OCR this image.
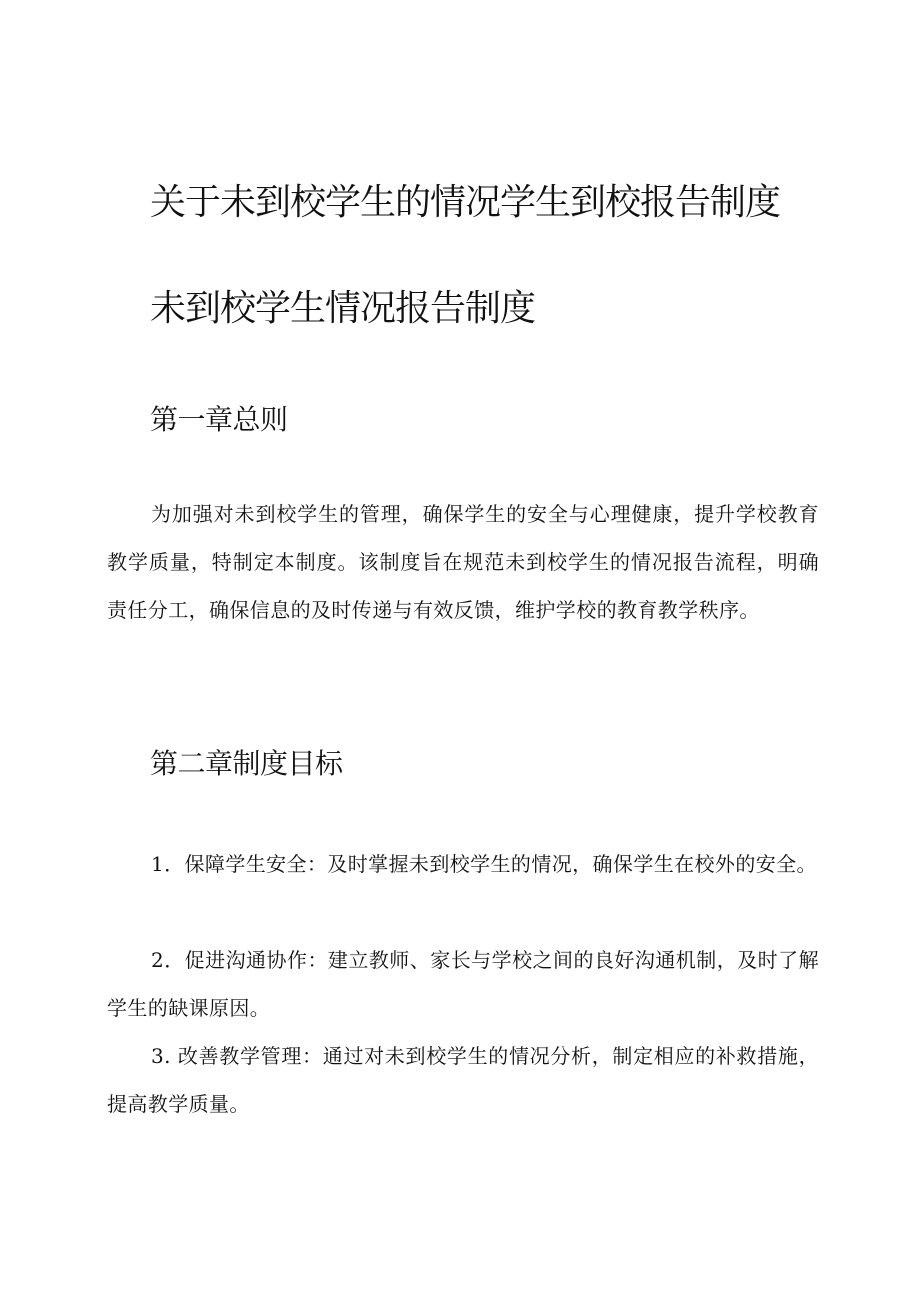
关于未到校学生的情况学生到校报告制度
未到校学生情况报告制度
第一章总则

为加强对未到校学生的管理，确保学生的安全与心理健康，提升学校教育教学质量，特制定本制度。该制度旨在规范未到校学生的情况报告流程，明确责任分工，确保信息的及时传递与有效反馈，维护学校的教育教学秩序。

第二章制度目标

1．保障学生安全：及时掌握未到校学生的情况，确保学生在校外的安全。

2．促进沟通协作：建立教师、家长与学校之间的良好沟通机制，及时了解学生的缺课原因。

3. 改善教学管理：通过对未到校学生的情况分析，制定相应的补救措施，提高教学质量。
